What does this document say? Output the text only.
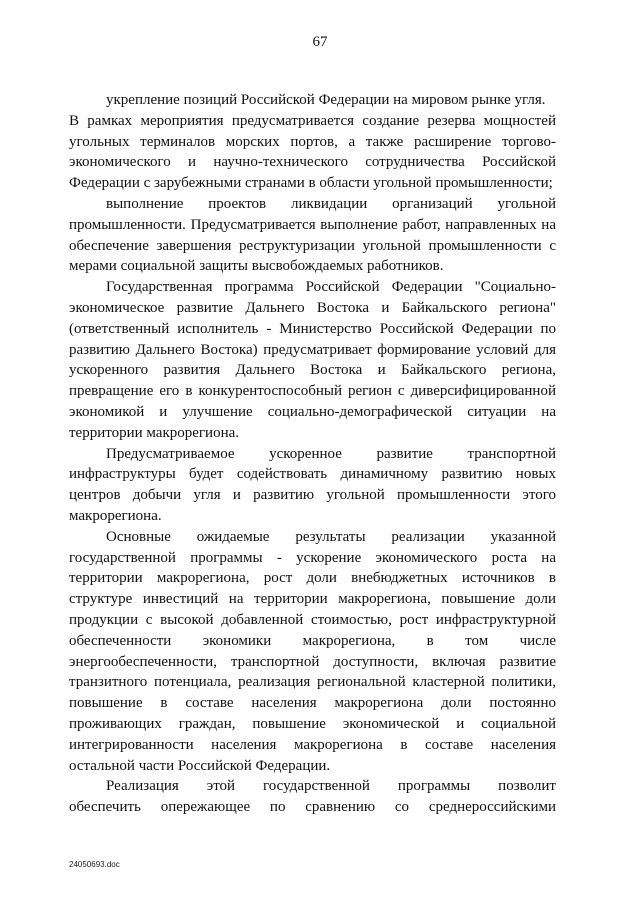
67
укрепление позиций Российской Федерации на мировом рынке угля.
В рамках мероприятия предусматривается создание резерва мощностей
угольных терминалов морских портов, а также расширение торгово-
экономического и научно-технического сотрудничества Российской
Федерации с зарубежными странами в области угольной промышленности;
выполнение проектов ликвидации организаций угольной
промышленности. Предусматривается выполнение работ, направленных на
обеспечение завершения реструктуризации угольной промышленности с
мерами социальной защиты высвобождаемых работников.
Государственная программа Российской Федерации "Социально-
экономическое развитие Дальнего Востока и Байкальского региона"
(ответственный исполнитель - Министерство Российской Федерации по
развитию Дальнего Востока) предусматривает формирование условий для
ускоренного развития Дальнего Востока и Байкальского региона,
превращение его в конкурентоспособный регион с диверсифицированной
экономикой и улучшение социально-демографической ситуации на
территории макрорегиона.
Предусматриваемое ускоренное развитие транспортной
инфраструктуры будет содействовать динамичному развитию новых
центров добычи угля и развитию угольной промышленности этого
макрорегиона.
Основные ожидаемые результаты реализации указанной
государственной программы - ускорение экономического роста на
территории макрорегиона, рост доли внебюджетных источников в
структуре инвестиций на территории макрорегиона, повышение доли
продукции с высокой добавленной стоимостью, рост инфраструктурной
обеспеченности экономики макрорегиона, в том числе
энергообеспеченности, транспортной доступности, включая развитие
транзитного потенциала, реализация региональной кластерной политики,
повышение в составе населения макрорегиона доли постоянно
проживающих граждан, повышение экономической и социальной
интегрированности населения макрорегиона в составе населения
остальной части Российской Федерации.
Реализация этой государственной программы позволит
обеспечить опережающее по сравнению со среднероссийскими
24050693.doc
